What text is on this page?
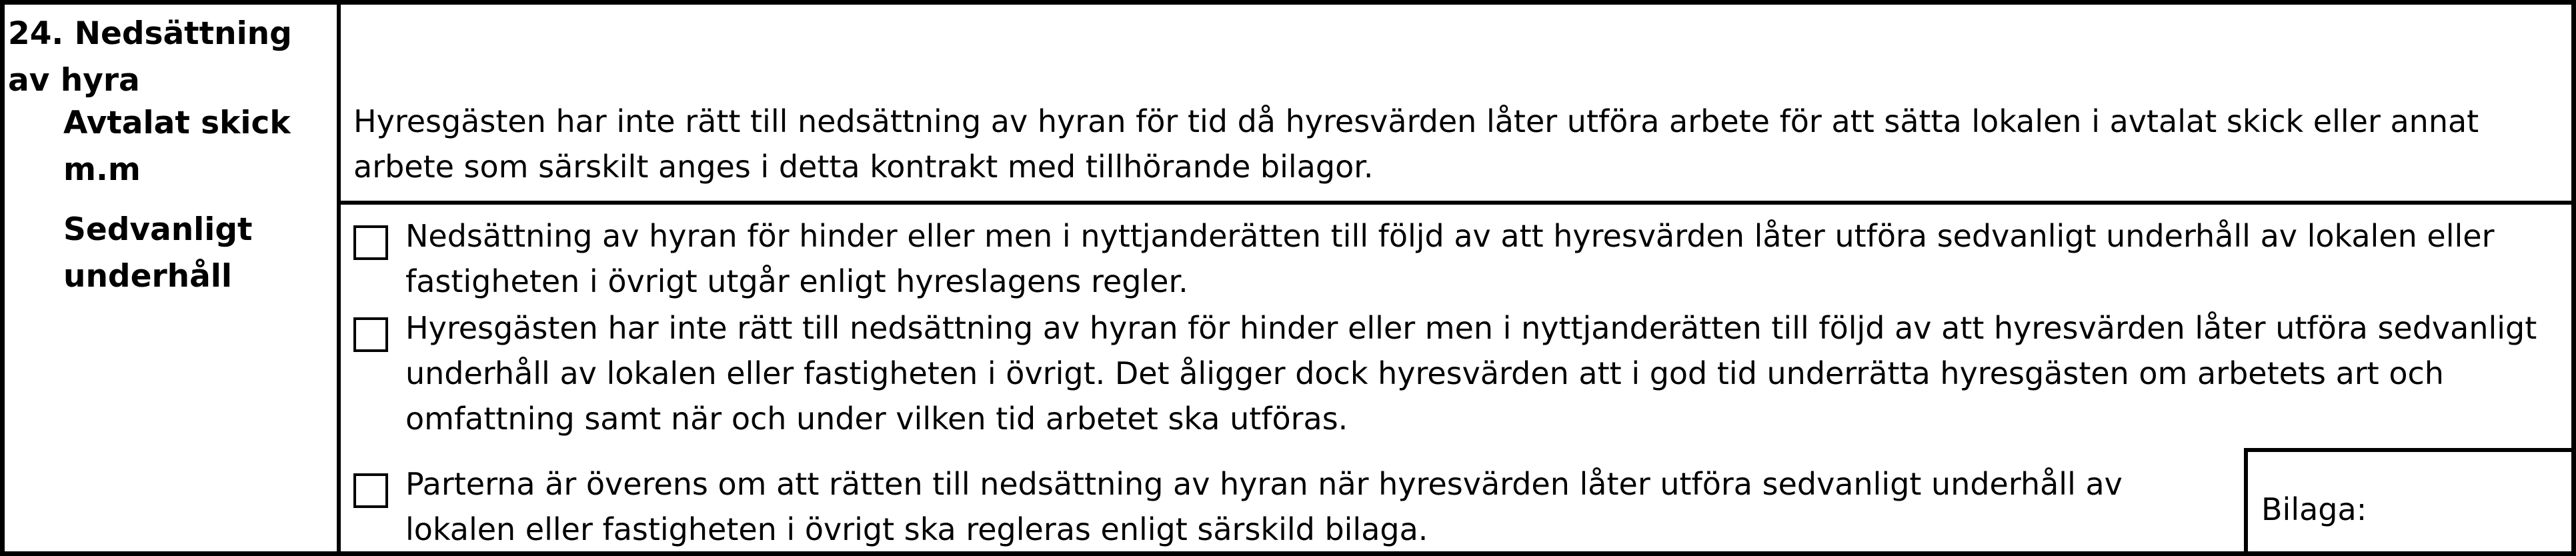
24. Nedsättning av hyra
Avtalat skick m.m
Sedvanligt underhåll
Hyresgästen har inte rätt till nedsättning av hyran för tid då hyresvärden låter utföra arbete för att sätta lokalen i avtalat skick eller annat arbete som särskilt anges i detta kontrakt med tillhörande bilagor.
Nedsättning av hyran för hinder eller men i nyttjanderätten till följd av att hyresvärden låter utföra sedvanligt underhåll av lokalen eller fastigheten i övrigt utgår enligt hyreslagens regler.
Hyresgästen har inte rätt till nedsättning av hyran för hinder eller men i nyttjanderätten till följd av att hyresvärden låter utföra sedvanligt underhåll av lokalen eller fastigheten i övrigt. Det åligger dock hyresvärden att i god tid underrätta hyresgästen om arbetets art och omfattning samt när och under vilken tid arbetet ska utföras.
Parterna är överens om att rätten till nedsättning av hyran när hyresvärden låter utföra sedvanligt underhåll av lokalen eller fastigheten i övrigt ska regleras enligt särskild bilaga.
Bilaga:
